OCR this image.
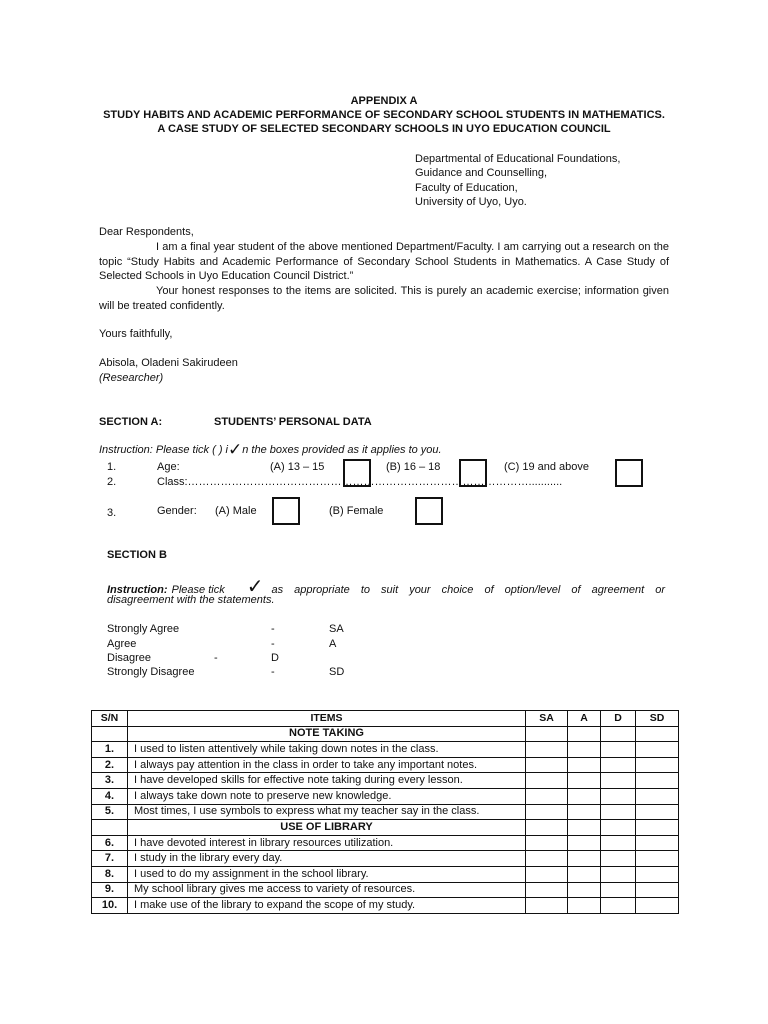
APPENDIX A
STUDY HABITS AND ACADEMIC PERFORMANCE OF SECONDARY SCHOOL STUDENTS IN MATHEMATICS.
A CASE STUDY OF SELECTED SECONDARY SCHOOLS IN UYO EDUCATION COUNCIL
Departmental of Educational Foundations,
Guidance and Counselling,
Faculty of Education,
University of Uyo, Uyo.
Dear Respondents,
I am a final year student of the above mentioned Department/Faculty. I am carrying out a research on the topic “Study Habits and Academic Performance of Secondary School Students in Mathematics. A Case Study of Selected Schools in Uyo Education Council District.”
Your honest responses to the items are solicited. This is purely an academic exercise; information given will be treated confidently.
Yours faithfully,
Abisola, Oladeni Sakirudeen
(Researcher)
SECTION A:	STUDENTS’ PERSONAL DATA
Instruction: Please tick ( ) i✓n the boxes provided as it applies to you.
1.	Age:	(A) 13 – 15	(B) 16 – 18	(C) 19 and above
2.	Class:…………………………………………………………………………………...........
3.	Gender: (A) Male	(B) Female
SECTION B
Instruction: Please tick ✓ as appropriate to suit your choice of option/level of agreement or
disagreement with the statements.
Strongly Agree	-	SA
Agree	-	A
Disagree	-	D
Strongly Disagree	-	SD
S/N	ITEMS	SA	A	D	SD
	NOTE TAKING				
1.	I used to listen attentively while taking down notes in the class.				
2.	I always pay attention in the class in order to take any important notes.				
3.	I have developed skills for effective note taking during every lesson.				
4.	I always take down note to preserve new knowledge.				
5.	Most times, I use symbols to express what my teacher say in the class.				
	USE OF LIBRARY				
6.	I have devoted interest in library resources utilization.				
7.	I study in the library every day.				
8.	I used to do my assignment in the school library.				
9.	My school library gives me access to variety of resources.				
10.	I make use of the library to expand the scope of my study.				
